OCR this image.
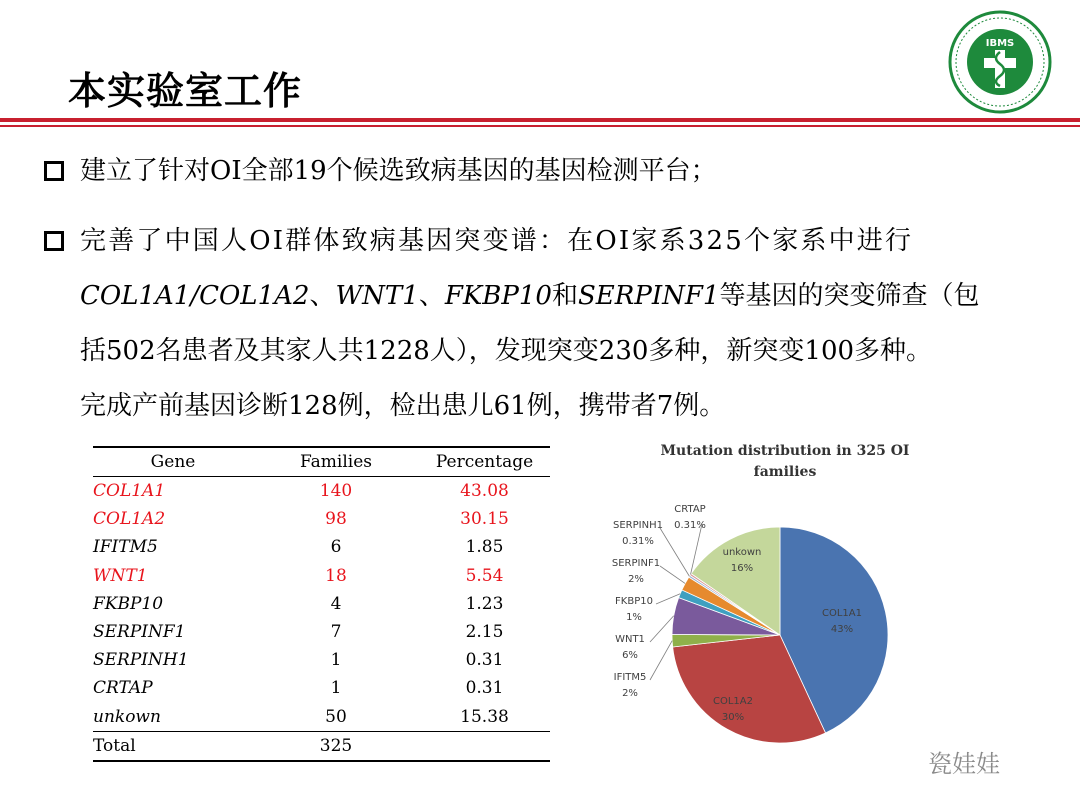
本实验室工作
IBMS
建立了针对OI全部19个候选致病基因的基因检测平台；
完善了中国人OI群体致病基因突变谱：在OI家系325个家系中进行
COL1A1/COL1A2、WNT1、FKBP10和SERPINF1等基因的突变筛查（包
括502名患者及其家人共1228人），发现突变230多种，新突变100多种。
完成产前基因诊断128例，检出患儿61例，携带者7例。
Gene	Families	Percentage
COL1A1	140	43.08
COL1A2	98	30.15
IFITM5	6	1.85
WNT1	18	5.54
FKBP10	4	1.23
SERPINF1	7	2.15
SERPINH1	1	0.31
CRTAP	1	0.31
unkown	50	15.38
Total	325	
Mutation distribution in 325 OI families
COL1A1 43%
COL1A2 30%
unkown 16%
IFITM5 2%
WNT1 6%
FKBP10 1%
SERPINF1 2%
SERPINH1 0.31%
CRTAP 0.31%
瓷娃娃
